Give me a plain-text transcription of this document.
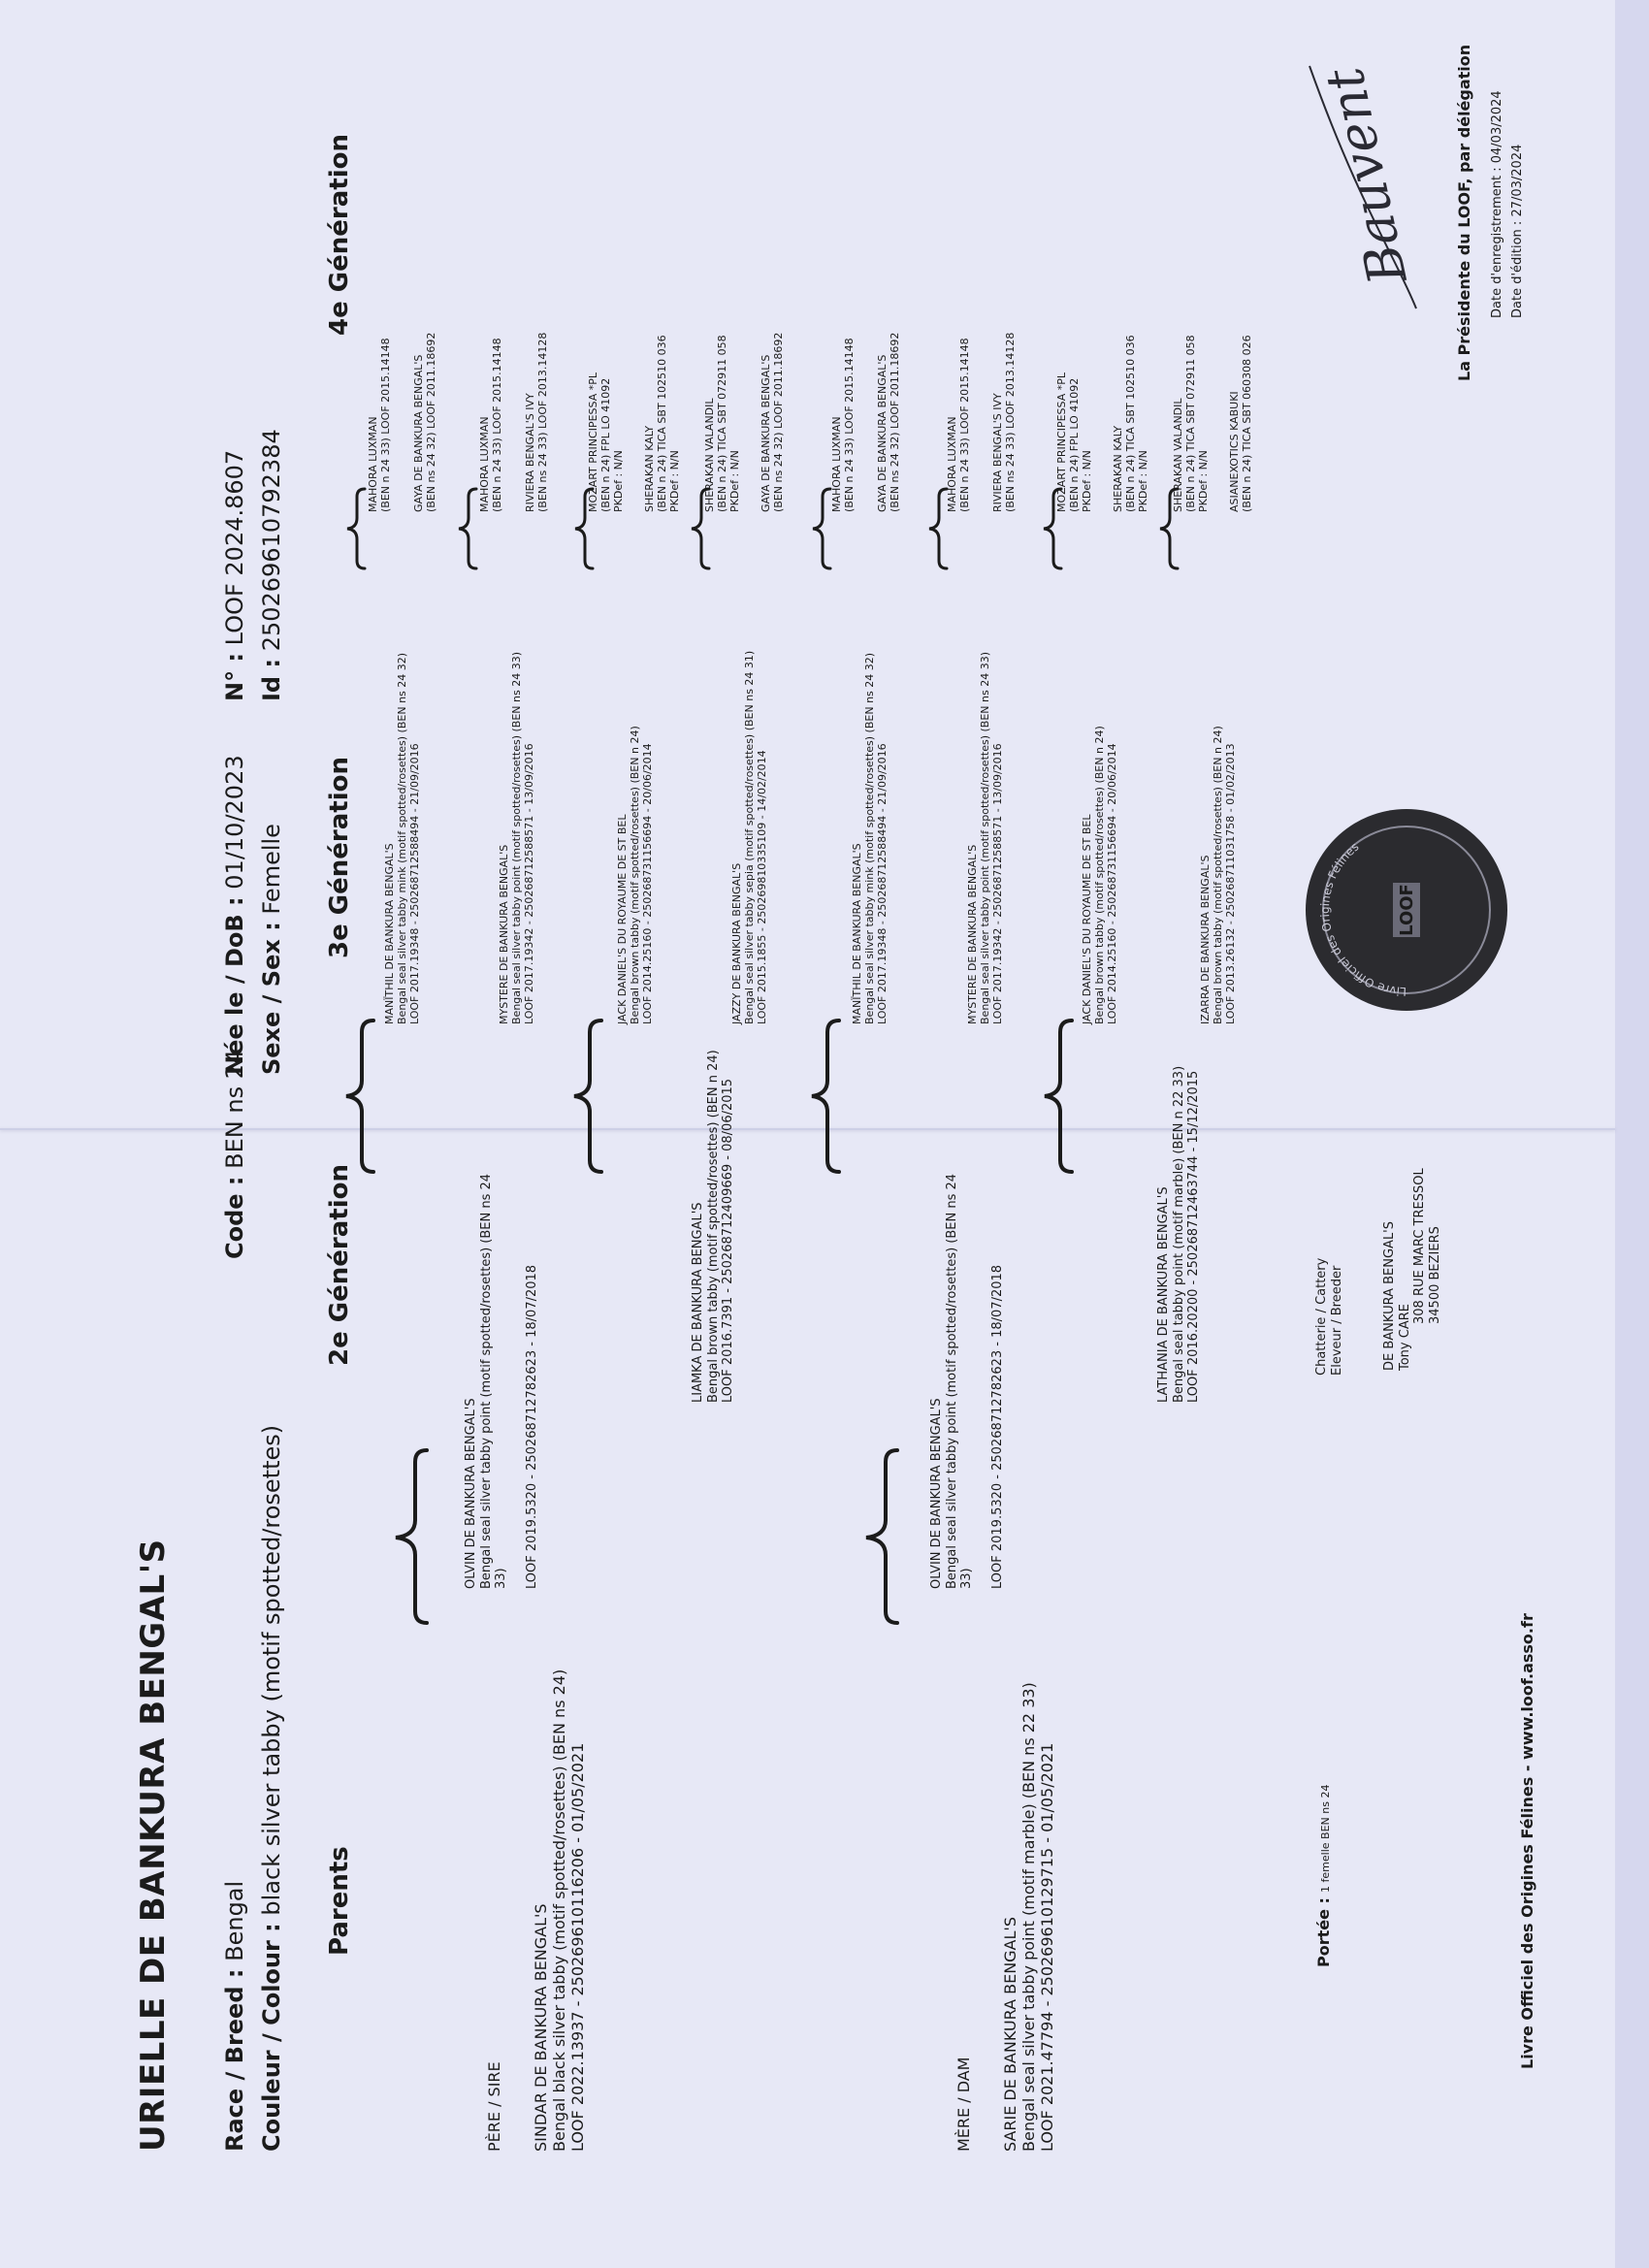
URIELLE DE BANKURA BENGAL'S Race / Breed : Bengal
Couleur / Colour : black silver tabby (motif spotted/rosettes)
Code : BEN ns 24
Née le / DoB : 01/10/2023
Sexe / Sex : Femelle
N° : LOOF 2024.8607
Id : 250269610792384
Parents
2e Génération
3e Génération
4e Génération
PÈRE / SIRE SINDAR DE BANKURA BENGAL'S Bengal black silver tabby (motif spotted/rosettes) (BEN ns 24) LOOF 2022.13937 - 250269610116206 - 01/05/2021	MÈRE / DAM SARIE DE BANKURA BENGAL'S Bengal seal silver tabby point (motif marble) (BEN ns 22 33) LOOF 2021.47794 - 250269610129715 - 01/05/2021
OLVIN DE BANKURA BENGAL'S Bengal seal silver tabby point (motif spotted/rosettes) (BEN ns 24 33) LOOF 2019.5320 - 250268712782623 - 18/07/2018	LIAMKA DE BANKURA BENGAL'S Bengal brown tabby (motif spotted/rosettes) (BEN n 24) LOOF 2016.7391 - 250268712409669 - 08/06/2015
OLVIN DE BANKURA BENGAL'S Bengal seal silver tabby point (motif spotted/rosettes) (BEN ns 24 33) LOOF 2019.5320 - 250268712782623 - 18/07/2018	LATHANIA DE BANKURA BENGAL'S Bengal seal tabby point (motif marble) (BEN n 22 33) LOOF 2016.20200 - 250268712463744 - 15/12/2015
MANÏTHIL DE BANKURA BENGAL'S Bengal seal silver tabby mink (motif spotted/rosettes) (BEN ns 24 32) LOOF 2017.19348 - 250268712588494 - 21/09/2016	MYSTERE DE BANKURA BENGAL'S Bengal seal silver tabby point (motif spotted/rosettes) (BEN ns 24 33) LOOF 2017.19342 - 250268712588571 - 13/09/2016	JACK DANIEL'S DU ROYAUME DE ST BEL Bengal brown tabby (motif spotted/rosettes) (BEN n 24) LOOF 2014.25160 - 250268731156694 - 20/06/2014	JAZZY DE BANKURA BENGAL'S Bengal seal silver tabby sepia (motif spotted/rosettes) (BEN ns 24 31) LOOF 2015.1855 - 250269810335109 - 14/02/2014	MANÏTHIL DE BANKURA BENGAL'S Bengal seal silver tabby mink (motif spotted/rosettes) (BEN ns 24 32) LOOF 2017.19348 - 250268712588494 - 21/09/2016	MYSTERE DE BANKURA BENGAL'S Bengal seal silver tabby point (motif spotted/rosettes) (BEN ns 24 33) LOOF 2017.19342 - 250268712588571 - 13/09/2016	JACK DANIEL'S DU ROYAUME DE ST BEL Bengal brown tabby (motif spotted/rosettes) (BEN n 24) LOOF 2014.25160 - 250268731156694 - 20/06/2014	IZARRA DE BANKURA BENGAL'S Bengal brown tabby (motif spotted/rosettes) (BEN n 24) LOOF 2013.26132 - 250268711031758 - 01/02/2013
MAHORA LUXMAN (BEN n 24 33) LOOF 2015.14148 GAYA DE BANKURA BENGAL'S (BEN ns 24 32) LOOF 2011.18692	MAHORA LUXMAN (BEN n 24 33) LOOF 2015.14148 RIVIERA BENGAL'S IVY (BEN ns 24 33) LOOF 2013.14128	MOZART PRINCIPESSA *PL (BEN n 24) FPL LO 41092 PKDef : N/N SHERAKAN KALY (BEN n 24) TICA SBT 102510 036 PKDef : N/N SHERAKAN VALANDIL (BEN n 24) TICA SBT 072911 058 PKDef : N/N GAYA DE BANKURA BENGAL'S (BEN ns 24 32) LOOF 2011.18692	MAHORA LUXMAN (BEN n 24 33) LOOF 2015.14148 GAYA DE BANKURA BENGAL'S (BEN ns 24 32) LOOF 2011.18692	MAHORA LUXMAN (BEN n 24 33) LOOF 2015.14148 RIVIERA BENGAL'S IVY (BEN ns 24 33) LOOF 2013.14128	MOZART PRINCIPESSA *PL (BEN n 24) FPL LO 41092 PKDef : N/N SHERAKAN KALY (BEN n 24) TICA SBT 102510 036 PKDef : N/N SHERAKAN VALANDIL (BEN n 24) TICA SBT 072911 058 PKDef : N/N ASIANEXOTICS KABUKI (BEN n 24) TICA SBT 060308 026
Chatterie / Cattery Eleveur / Breeder	DE BANKURA BENGAL'S Tony CARE
308 RUE MARC TRESSOL 34500 BEZIERS
Portée : 1 femelle BEN ns 24	Livre Officiel des Origines Félines - www.loof.asso.fr
Livre Officiel des Origines Félines
LOOF
Bauvent La Présidente du LOOF, par délégation Date d'enregistrement : 04/03/2024 Date d'édition : 27/03/2024
